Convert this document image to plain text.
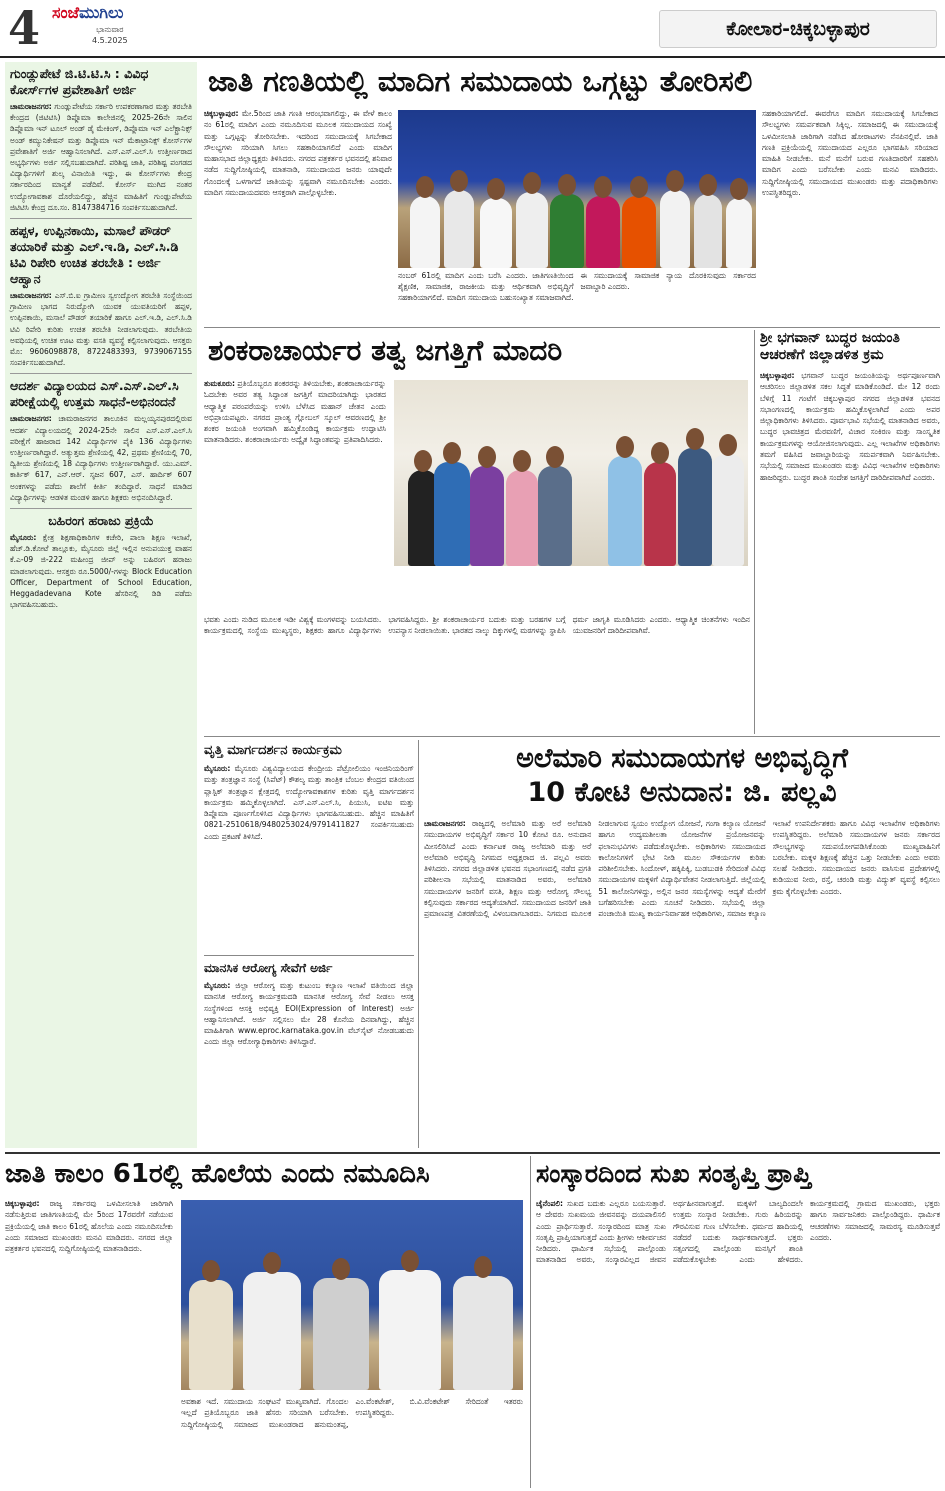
4 ಸಂಜೆಮುಗಿಲು
ಭಾನುವಾರ
4.5.2025
ಕೋಲಾರ-ಚಿಕ್ಕಬಳ್ಳಾಪುರ
ಗುಂಡ್ಲುಪೇಟೆ ಜಿ.ಟಿ.ಟಿ.ಸಿ : ವಿವಿಧ ಕೋರ್ಸ್‌ಗಳ ಪ್ರವೇಶಾತಿಗೆ ಅರ್ಜಿ
ಚಾಮರಾಜನಗರ: ಗುಂಡ್ಲುಪೇಟೆಯ ಸರ್ಕಾರಿ ಉಪಕರಣಾಗಾರ ಮತ್ತು ತರಬೇತಿ ಕೇಂದ್ರದ (ಜಿಟಿಟಿಸಿ) ಡಿಪ್ಲೊಮಾ ಕಾಲೇಜಿನಲ್ಲಿ 2025-26ನೇ ಸಾಲಿನ ಡಿಪ್ಲೊಮಾ ಇನ್ ಟೂಲ್ ಅಂಡ್ ಡೈ ಮೇಕಿಂಗ್, ಡಿಪ್ಲೊಮಾ ಇನ್ ಎಲೆಕ್ಟ್ರಾನಿಕ್ಸ್ ಅಂಡ್ ಕಮ್ಯುನಿಕೇಷನ್ ಮತ್ತು ಡಿಪ್ಲೊಮಾ ಇನ್ ಮೆಕಾಟ್ರಾನಿಕ್ಸ್ ಕೋರ್ಸ್‌ಗಳ ಪ್ರವೇಶಾತಿಗೆ ಅರ್ಜಿ ಆಹ್ವಾನಿಸಲಾಗಿದೆ. ಎಸ್.ಎಸ್.ಎಲ್.ಸಿ ಉತ್ತೀರ್ಣರಾದ ಅಭ್ಯರ್ಥಿಗಳು ಅರ್ಜಿ ಸಲ್ಲಿಸಬಹುದಾಗಿದೆ. ಪರಿಶಿಷ್ಟ ಜಾತಿ, ಪರಿಶಿಷ್ಟ ಪಂಗಡದ ವಿದ್ಯಾರ್ಥಿಗಳಿಗೆ ಶುಲ್ಕ ವಿನಾಯಿತಿ ಇದ್ದು, ಈ ಕೋರ್ಸ್‌ಗಳು ಕೇಂದ್ರ ಸರ್ಕಾರದಿಂದ ಮಾನ್ಯತೆ ಪಡೆದಿವೆ. ಕೋರ್ಸ್ ಮುಗಿದ ನಂತರ ಉದ್ಯೋಗಾವಕಾಶ ದೊರೆಯಲಿದ್ದು, ಹೆಚ್ಚಿನ ಮಾಹಿತಿಗೆ ಗುಂಡ್ಲುಪೇಟೆಯ ಜಿಟಿಟಿಸಿ ಕೇಂದ್ರ ದೂ.ಸಂ. 8147384716 ಸಂಪರ್ಕಿಸಬಹುದಾಗಿದೆ.
ಹಪ್ಪಳ, ಉಪ್ಪಿನಕಾಯಿ, ಮಸಾಲೆ ಪೌಡರ್ ತಯಾರಿಕೆ ಮತ್ತು ಎಲ್.ಇ.ಡಿ, ಎಲ್.ಸಿ.ಡಿ ಟಿವಿ ರಿಪೇರಿ ಉಚಿತ ತರಬೇತಿ : ಅರ್ಜಿ ಆಹ್ವಾನ
ಚಾಮರಾಜನಗರ: ಎಸ್.ಬಿ.ಐ ಗ್ರಾಮೀಣ ಸ್ವಉದ್ಯೋಗ ತರಬೇತಿ ಸಂಸ್ಥೆಯಿಂದ ಗ್ರಾಮೀಣ ಭಾಗದ ನಿರುದ್ಯೋಗಿ ಯುವಕ ಯುವತಿಯರಿಗೆ ಹಪ್ಪಳ, ಉಪ್ಪಿನಕಾಯಿ, ಮಸಾಲೆ ಪೌಡರ್ ತಯಾರಿಕೆ ಹಾಗೂ ಎಲ್.ಇ.ಡಿ, ಎಲ್.ಸಿ.ಡಿ ಟಿವಿ ರಿಪೇರಿ ಕುರಿತು ಉಚಿತ ತರಬೇತಿ ನೀಡಲಾಗುವುದು. ತರಬೇತಿಯ ಅವಧಿಯಲ್ಲಿ ಉಚಿತ ಊಟ ಮತ್ತು ವಸತಿ ವ್ಯವಸ್ಥೆ ಕಲ್ಪಿಸಲಾಗುವುದು. ಆಸಕ್ತರು ಮೊ: 9606098878, 8722483393, 9739067155 ಸಂಪರ್ಕಿಸಬಹುದಾಗಿದೆ.
ಆದರ್ಶ ವಿದ್ಯಾಲಯದ ಎಸ್.ಎಸ್.ಎಲ್.ಸಿ ಪರೀಕ್ಷೆಯಲ್ಲಿ ಉತ್ತಮ ಸಾಧನೆ-ಅಭಿನಂದನೆ
ಚಾಮರಾಜನಗರ: ಚಾಮರಾಜನಗರ ತಾಲೂಕಿನ ಮಲ್ಲಯ್ಯನಪುರದಲ್ಲಿರುವ ಆದರ್ಶ ವಿದ್ಯಾಲಯದಲ್ಲಿ 2024-25ನೇ ಸಾಲಿನ ಎಸ್.ಎಸ್.ಎಲ್.ಸಿ ಪರೀಕ್ಷೆಗೆ ಹಾಜರಾದ 142 ವಿದ್ಯಾರ್ಥಿಗಳ ಪೈಕಿ 136 ವಿದ್ಯಾರ್ಥಿಗಳು ಉತ್ತೀರ್ಣರಾಗಿದ್ದಾರೆ. ಅತ್ಯುತ್ತಮ ಶ್ರೇಣಿಯಲ್ಲಿ 42, ಪ್ರಥಮ ಶ್ರೇಣಿಯಲ್ಲಿ 70, ದ್ವಿತೀಯ ಶ್ರೇಣಿಯಲ್ಲಿ 18 ವಿದ್ಯಾರ್ಥಿಗಳು ಉತ್ತೀರ್ಣರಾಗಿದ್ದಾರೆ. ಯು.ಎಮ್. ಕಾರ್ತಿಕ್ 617, ಎನ್.ಆರ್. ಸೃಜನ 607, ಎಸ್. ಹಾರ್ದಿಕ್ 607 ಅಂಕಗಳನ್ನು ಪಡೆದು ಶಾಲೆಗೆ ಕೀರ್ತಿ ತಂದಿದ್ದಾರೆ. ಸಾಧನೆ ಮಾಡಿದ ವಿದ್ಯಾರ್ಥಿಗಳನ್ನು ಆಡಳಿತ ಮಂಡಳಿ ಹಾಗೂ ಶಿಕ್ಷಕರು ಅಭಿನಂದಿಸಿದ್ದಾರೆ.
ಬಹಿರಂಗ ಹರಾಜು ಪ್ರಕ್ರಿಯೆ
ಮೈಸೂರು: ಕ್ಷೇತ್ರ ಶಿಕ್ಷಣಾಧಿಕಾರಿಗಳ ಕಚೇರಿ, ಪಾಲಾ ಶಿಕ್ಷಣ ಇಲಾಖೆ, ಹೆಚ್.ಡಿ.ಕೋಟೆ ತಾಲ್ಲೂಕು, ಮೈಸೂರು ಜಿಲ್ಲೆ ಇಲ್ಲಿನ ಅನುಪಯುಕ್ತ ವಾಹನ ಕೆ.ಎ-09 ಜಿ-222 ಮಹೀಂದ್ರ ಜೀಪ್ ಅನ್ನು ಬಹಿರಂಗ ಹರಾಜು ಮಾಡಲಾಗುವುದು. ಆಸಕ್ತರು ರೂ.5000/-ಗಳನ್ನು Block Education Officer, Department of School Education, Heggadadevana Kote ಹೆಸರಿನಲ್ಲಿ ಡಿಡಿ ಪಡೆದು ಭಾಗವಹಿಸಬಹುದು.
ಜಾತಿ ಗಣತಿಯಲ್ಲಿ ಮಾದಿಗ ಸಮುದಾಯ ಒಗ್ಗಟ್ಟು ತೋರಿಸಲಿ
ಚಿಕ್ಕಬಳ್ಳಾಪುರ: ಮೇ.5ರಿಂದ ಜಾತಿ ಗಣತಿ ಆರಂಭವಾಗಲಿದ್ದು, ಈ ವೇಳೆ ಕಾಲಂ ನಂ 61ರಲ್ಲಿ ಮಾದಿಗ ಎಂದು ನಮೂದಿಸುವ ಮೂಲಕ ಸಮುದಾಯದ ಸಂಖ್ಯೆ ಮತ್ತು ಒಗ್ಗಟ್ಟನ್ನು ತೋರಿಸಬೇಕು. ಇದರಿಂದ ಸಮುದಾಯಕ್ಕೆ ಸಿಗಬೇಕಾದ ಸೌಲಭ್ಯಗಳು ಸರಿಯಾಗಿ ಸಿಗಲು ಸಹಕಾರಿಯಾಗಲಿದೆ ಎಂದು ಮಾದಿಗ ಮಹಾಸಭಾದ ಜಿಲ್ಲಾಧ್ಯಕ್ಷರು ತಿಳಿಸಿದರು. ನಗರದ ಪತ್ರಕರ್ತರ ಭವನದಲ್ಲಿ ಶನಿವಾರ ನಡೆದ ಸುದ್ದಿಗೋಷ್ಠಿಯಲ್ಲಿ ಮಾತನಾಡಿ, ಸಮುದಾಯದ ಜನರು ಯಾವುದೇ ಗೊಂದಲಕ್ಕೆ ಒಳಗಾಗದೆ ಜಾತಿಯನ್ನು ಸ್ಪಷ್ಟವಾಗಿ ನಮೂದಿಸಬೇಕು ಎಂದರು. ಮಾದಿಗ ಸಮುದಾಯದವರು ಆಸಕ್ತರಾಗಿ ಪಾಲ್ಗೊಳ್ಳಬೇಕು.
ನಂಬರ್ 61ರಲ್ಲಿ ಮಾದಿಗ ಎಂದು ಬರೆಸಿ ಎಂದರು. ಜಾತಿಗಣತಿಯಿಂದ ಶೈಕ್ಷಣಿಕ, ಸಾಮಾಜಿಕ, ರಾಜಕೀಯ ಮತ್ತು ಆರ್ಥಿಕವಾಗಿ ಅಭಿವೃದ್ಧಿಗೆ ಸಹಕಾರಿಯಾಗಲಿದೆ. ಮಾದಿಗ ಸಮುದಾಯ ಬಹುಸಂಖ್ಯಾತ ಸಮಾಜವಾಗಿದೆ. ಈ ಸಮುದಾಯಕ್ಕೆ ಸಾಮಾಜಿಕ ನ್ಯಾಯ ದೊರಕಿಸುವುದು ಸರ್ಕಾರದ ಜವಾಬ್ದಾರಿ ಎಂದರು.
ಸಹಕಾರಿಯಾಗಲಿದೆ. ಈವರೆಗೂ ಮಾದಿಗ ಸಮುದಾಯಕ್ಕೆ ಸಿಗಬೇಕಾದ ಸೌಲಭ್ಯಗಳು ಸಮರ್ಪಕವಾಗಿ ಸಿಕ್ಕಿಲ್ಲ. ಸಮಾಜದಲ್ಲಿ ಈ ಸಮುದಾಯಕ್ಕೆ ಒಳಮೀಸಲಾತಿ ಜಾರಿಗಾಗಿ ನಡೆಸಿದ ಹೋರಾಟಗಳು ನೆನಪಿನಲ್ಲಿವೆ. ಜಾತಿ ಗಣತಿ ಪ್ರಕ್ರಿಯೆಯಲ್ಲಿ ಸಮುದಾಯದ ಎಲ್ಲರೂ ಭಾಗವಹಿಸಿ ಸರಿಯಾದ ಮಾಹಿತಿ ನೀಡಬೇಕು. ಮನೆ ಮನೆಗೆ ಬರುವ ಗಣತಿದಾರರಿಗೆ ಸಹಕರಿಸಿ ಮಾದಿಗ ಎಂದು ಬರೆಸಬೇಕು ಎಂದು ಮನವಿ ಮಾಡಿದರು. ಸುದ್ದಿಗೋಷ್ಠಿಯಲ್ಲಿ ಸಮುದಾಯದ ಮುಖಂಡರು ಮತ್ತು ಪದಾಧಿಕಾರಿಗಳು ಉಪಸ್ಥಿತರಿದ್ದರು.
ಶಂಕರಾಚಾರ್ಯರ ತತ್ವ ಜಗತ್ತಿಗೆ ಮಾದರಿ
ತುಮಕೂರು: ಪ್ರತಿಯೊಬ್ಬರೂ ಶಂಕರರನ್ನು ತಿಳಿಯಬೇಕು, ಶಂಕರಾಚಾರ್ಯರನ್ನು ಓದಬೇಕು ಅವರ ತತ್ವ ಸಿದ್ಧಾಂತ ಜಗತ್ತಿಗೆ ಮಾದರಿಯಾಗಿದ್ದು ಭಾರತದ ಆಧ್ಯಾತ್ಮಿಕ ಪರಂಪರೆಯನ್ನು ಉಳಿಸಿ ಬೆಳೆಸಿದ ಮಹಾನ್ ಚೇತನ ಎಂದು ಅಭಿಪ್ರಾಯಪಟ್ಟರು. ನಗರದ ಪ್ರಾಂತ್ಯ ಗ್ಲೋಬಲ್ ಸ್ಕೂಲ್ ಆವರಣದಲ್ಲಿ ಶ್ರೀ ಶಂಕರ ಜಯಂತಿ ಅಂಗವಾಗಿ ಹಮ್ಮಿಕೊಂಡಿದ್ದ ಕಾರ್ಯಕ್ರಮ ಉದ್ಘಾಟಿಸಿ ಮಾತನಾಡಿದರು. ಶಂಕರಾಚಾರ್ಯರು ಅದ್ವೈತ ಸಿದ್ಧಾಂತವನ್ನು ಪ್ರತಿಪಾದಿಸಿದರು.
ಭವತು ಎಂದು ನುಡಿದ ಮೂಲಕ ಇಡೀ ವಿಶ್ವಕ್ಕೆ ಮಂಗಳವನ್ನು ಬಯಸಿದರು. ಕಾರ್ಯಕ್ರಮದಲ್ಲಿ ಸಂಸ್ಥೆಯ ಮುಖ್ಯಸ್ಥರು, ಶಿಕ್ಷಕರು ಹಾಗೂ ವಿದ್ಯಾರ್ಥಿಗಳು ಭಾಗವಹಿಸಿದ್ದರು. ಶ್ರೀ ಶಂಕರಾಚಾರ್ಯರ ಬದುಕು ಮತ್ತು ಬರಹಗಳ ಬಗ್ಗೆ ಉಪನ್ಯಾಸ ನೀಡಲಾಯಿತು. ಭಾರತದ ನಾಲ್ಕು ದಿಕ್ಕುಗಳಲ್ಲಿ ಮಠಗಳನ್ನು ಸ್ಥಾಪಿಸಿ ಧರ್ಮ ಜಾಗೃತಿ ಮೂಡಿಸಿದರು ಎಂದರು. ಆಧ್ಯಾತ್ಮಿಕ ಚಿಂತನೆಗಳು ಇಂದಿನ ಯುವಜನರಿಗೆ ದಾರಿದೀಪವಾಗಿವೆ.
ಶ್ರೀ ಭಗವಾನ್ ಬುದ್ಧರ ಜಯಂತಿ ಆಚರಣೆಗೆ ಜಿಲ್ಲಾಡಳಿತ ಕ್ರಮ
ಚಿಕ್ಕಬಳ್ಳಾಪುರ: ಭಗವಾನ್ ಬುದ್ಧರ ಜಯಂತಿಯನ್ನು ಅರ್ಥಪೂರ್ಣವಾಗಿ ಆಚರಿಸಲು ಜಿಲ್ಲಾಡಳಿತ ಸಕಲ ಸಿದ್ಧತೆ ಮಾಡಿಕೊಂಡಿದೆ. ಮೇ 12 ರಂದು ಬೆಳಿಗ್ಗೆ 11 ಗಂಟೆಗೆ ಚಿಕ್ಕಬಳ್ಳಾಪುರ ನಗರದ ಜಿಲ್ಲಾಡಳಿತ ಭವನದ ಸಭಾಂಗಣದಲ್ಲಿ ಕಾರ್ಯಕ್ರಮ ಹಮ್ಮಿಕೊಳ್ಳಲಾಗಿದೆ ಎಂದು ಅಪರ ಜಿಲ್ಲಾಧಿಕಾರಿಗಳು ತಿಳಿಸಿದರು. ಪೂರ್ವಭಾವಿ ಸಭೆಯಲ್ಲಿ ಮಾತನಾಡಿದ ಅವರು, ಬುದ್ಧರ ಭಾವಚಿತ್ರದ ಮೆರವಣಿಗೆ, ವಿಚಾರ ಸಂಕಿರಣ ಮತ್ತು ಸಾಂಸ್ಕೃತಿಕ ಕಾರ್ಯಕ್ರಮಗಳನ್ನು ಆಯೋಜಿಸಲಾಗುವುದು. ಎಲ್ಲ ಇಲಾಖೆಗಳ ಅಧಿಕಾರಿಗಳು ತಮಗೆ ವಹಿಸಿದ ಜವಾಬ್ದಾರಿಯನ್ನು ಸಮರ್ಪಕವಾಗಿ ನಿರ್ವಹಿಸಬೇಕು. ಸಭೆಯಲ್ಲಿ ಸಮಾಜದ ಮುಖಂಡರು ಮತ್ತು ವಿವಿಧ ಇಲಾಖೆಗಳ ಅಧಿಕಾರಿಗಳು ಹಾಜರಿದ್ದರು. ಬುದ್ಧರ ಶಾಂತಿ ಸಂದೇಶ ಜಗತ್ತಿಗೆ ದಾರಿದೀಪವಾಗಿದೆ ಎಂದರು.
ವೃತ್ತಿ ಮಾರ್ಗದರ್ಶನ ಕಾರ್ಯಕ್ರಮ
ಮೈಸೂರು: ಮೈಸೂರು ವಿಶ್ವವಿದ್ಯಾಲಯದ ಕೇಂದ್ರೀಯ ಪೆಟ್ರೋಲಿಯಂ ಇಂಜಿನಿಯರಿಂಗ್ ಮತ್ತು ತಂತ್ರಜ್ಞಾನ ಸಂಸ್ಥೆ (ಸಿಪೆಟ್) ಕೌಶಲ್ಯ ಮತ್ತು ತಾಂತ್ರಿಕ ಬೆಂಬಲ ಕೇಂದ್ರದ ವತಿಯಿಂದ ಪ್ಲಾಸ್ಟಿಕ್ ತಂತ್ರಜ್ಞಾನ ಕ್ಷೇತ್ರದಲ್ಲಿ ಉದ್ಯೋಗಾವಕಾಶಗಳ ಕುರಿತು ವೃತ್ತಿ ಮಾರ್ಗದರ್ಶನ ಕಾರ್ಯಕ್ರಮ ಹಮ್ಮಿಕೊಳ್ಳಲಾಗಿದೆ. ಎಸ್.ಎಸ್.ಎಲ್.ಸಿ, ಪಿಯುಸಿ, ಐಟಿಐ ಮತ್ತು ಡಿಪ್ಲೊಮಾ ಪೂರ್ಣಗೊಳಿಸಿದ ವಿದ್ಯಾರ್ಥಿಗಳು ಭಾಗವಹಿಸಬಹುದು. ಹೆಚ್ಚಿನ ಮಾಹಿತಿಗೆ 0821-2510618/9480253024/9791411827 ಸಂಪರ್ಕಿಸಬಹುದು ಎಂದು ಪ್ರಕಟಣೆ ತಿಳಿಸಿದೆ.
ಮಾನಸಿಕ ಆರೋಗ್ಯ ಸೇವೆಗೆ ಅರ್ಜಿ
ಮೈಸೂರು: ಜಿಲ್ಲಾ ಆರೋಗ್ಯ ಮತ್ತು ಕುಟುಂಬ ಕಲ್ಯಾಣ ಇಲಾಖೆ ವತಿಯಿಂದ ಜಿಲ್ಲಾ ಮಾನಸಿಕ ಆರೋಗ್ಯ ಕಾರ್ಯಕ್ರಮದಡಿ ಮಾನಸಿಕ ಆರೋಗ್ಯ ಸೇವೆ ನೀಡಲು ಆಸಕ್ತ ಸಂಸ್ಥೆಗಳಿಂದ ಆಸಕ್ತಿ ಅಭಿವ್ಯಕ್ತಿ EOI(Expression of Interest) ಅರ್ಜಿ ಆಹ್ವಾನಿಸಲಾಗಿದೆ. ಅರ್ಜಿ ಸಲ್ಲಿಸಲು ಮೇ 28 ಕೊನೆಯ ದಿನವಾಗಿದ್ದು, ಹೆಚ್ಚಿನ ಮಾಹಿತಿಗಾಗಿ www.eproc.karnataka.gov.in ವೆಬ್‌ಸೈಟ್ ನೋಡಬಹುದು ಎಂದು ಜಿಲ್ಲಾ ಆರೋಗ್ಯಾಧಿಕಾರಿಗಳು ತಿಳಿಸಿದ್ದಾರೆ.
ಅಲೆಮಾರಿ ಸಮುದಾಯಗಳ ಅಭಿವೃದ್ಧಿಗೆ
10 ಕೋಟಿ ಅನುದಾನ: ಜಿ. ಪಲ್ಲವಿ
ಚಾಮರಾಜನಗರ: ರಾಜ್ಯದಲ್ಲಿ ಅಲೆಮಾರಿ ಮತ್ತು ಅರೆ ಅಲೆಮಾರಿ ಸಮುದಾಯಗಳ ಅಭಿವೃದ್ಧಿಗೆ ಸರ್ಕಾರ 10 ಕೋಟಿ ರೂ. ಅನುದಾನ ಮೀಸಲಿರಿಸಿದೆ ಎಂದು ಕರ್ನಾಟಕ ರಾಜ್ಯ ಅಲೆಮಾರಿ ಮತ್ತು ಅರೆ ಅಲೆಮಾರಿ ಅಭಿವೃದ್ಧಿ ನಿಗಮದ ಅಧ್ಯಕ್ಷರಾದ ಜಿ. ಪಲ್ಲವಿ ಅವರು ತಿಳಿಸಿದರು. ನಗರದ ಜಿಲ್ಲಾಡಳಿತ ಭವನದ ಸಭಾಂಗಣದಲ್ಲಿ ನಡೆದ ಪ್ರಗತಿ ಪರಿಶೀಲನಾ ಸಭೆಯಲ್ಲಿ ಮಾತನಾಡಿದ ಅವರು, ಅಲೆಮಾರಿ ಸಮುದಾಯಗಳ ಜನರಿಗೆ ವಸತಿ, ಶಿಕ್ಷಣ ಮತ್ತು ಆರೋಗ್ಯ ಸೌಲಭ್ಯ ಕಲ್ಪಿಸುವುದು ಸರ್ಕಾರದ ಆದ್ಯತೆಯಾಗಿದೆ. ಸಮುದಾಯದ ಜನರಿಗೆ ಜಾತಿ ಪ್ರಮಾಣಪತ್ರ ವಿತರಣೆಯಲ್ಲಿ ವಿಳಂಬವಾಗಬಾರದು. ನಿಗಮದ ಮೂಲಕ ನೀಡಲಾಗುವ ಸ್ವಯಂ ಉದ್ಯೋಗ ಯೋಜನೆ, ಗಂಗಾ ಕಲ್ಯಾಣ ಯೋಜನೆ ಹಾಗೂ ಉದ್ಯಮಶೀಲತಾ ಯೋಜನೆಗಳ ಪ್ರಯೋಜನವನ್ನು ಫಲಾನುಭವಿಗಳು ಪಡೆದುಕೊಳ್ಳಬೇಕು. ಅಧಿಕಾರಿಗಳು ಸಮುದಾಯದ ಕಾಲೋನಿಗಳಿಗೆ ಭೇಟಿ ನೀಡಿ ಮೂಲ ಸೌಕರ್ಯಗಳ ಕುರಿತು ಪರಿಶೀಲಿಸಬೇಕು. ಸಿಂದೋಳ್, ಹಕ್ಕಿಪಿಕ್ಕಿ, ಬುಡಬುಡಕಿ ಸೇರಿದಂತೆ ವಿವಿಧ ಸಮುದಾಯಗಳ ಮಕ್ಕಳಿಗೆ ವಿದ್ಯಾರ್ಥಿವೇತನ ನೀಡಲಾಗುತ್ತಿದೆ. ಜಿಲ್ಲೆಯಲ್ಲಿ 51 ಕಾಲೋನಿಗಳಿದ್ದು, ಅಲ್ಲಿನ ಜನರ ಸಮಸ್ಯೆಗಳನ್ನು ಆದ್ಯತೆ ಮೇರೆಗೆ ಬಗೆಹರಿಸಬೇಕು ಎಂದು ಸೂಚನೆ ನೀಡಿದರು. ಸಭೆಯಲ್ಲಿ ಜಿಲ್ಲಾ ಪಂಚಾಯಿತಿ ಮುಖ್ಯ ಕಾರ್ಯನಿರ್ವಾಹಕ ಅಧಿಕಾರಿಗಳು, ಸಮಾಜ ಕಲ್ಯಾಣ ಇಲಾಖೆ ಉಪನಿರ್ದೇಶಕರು ಹಾಗೂ ವಿವಿಧ ಇಲಾಖೆಗಳ ಅಧಿಕಾರಿಗಳು ಉಪಸ್ಥಿತರಿದ್ದರು. ಅಲೆಮಾರಿ ಸಮುದಾಯಗಳ ಜನರು ಸರ್ಕಾರದ ಸೌಲಭ್ಯಗಳನ್ನು ಸದುಪಯೋಗಪಡಿಸಿಕೊಂಡು ಮುಖ್ಯವಾಹಿನಿಗೆ ಬರಬೇಕು. ಮಕ್ಕಳ ಶಿಕ್ಷಣಕ್ಕೆ ಹೆಚ್ಚಿನ ಒತ್ತು ನೀಡಬೇಕು ಎಂದು ಅವರು ಸಲಹೆ ನೀಡಿದರು. ಸಮುದಾಯದ ಜನರು ವಾಸಿಸುವ ಪ್ರದೇಶಗಳಲ್ಲಿ ಕುಡಿಯುವ ನೀರು, ರಸ್ತೆ, ಚರಂಡಿ ಮತ್ತು ವಿದ್ಯುತ್ ವ್ಯವಸ್ಥೆ ಕಲ್ಪಿಸಲು ಕ್ರಮ ಕೈಗೊಳ್ಳಬೇಕು ಎಂದರು.
ಜಾತಿ ಕಾಲಂ 61ರಲ್ಲಿ ಹೊಲೆಯ ಎಂದು ನಮೂದಿಸಿ
ಚಿಕ್ಕಬಳ್ಳಾಪುರ: ರಾಜ್ಯ ಸರ್ಕಾರವು ಒಳಮೀಸಲಾತಿ ಜಾರಿಗಾಗಿ ನಡೆಸುತ್ತಿರುವ ಜಾತಿಗಣತಿಯಲ್ಲಿ ಮೇ 5ರಿಂದ 17ರವರೆಗೆ ನಡೆಯುವ ಪ್ರಕ್ರಿಯೆಯಲ್ಲಿ ಜಾತಿ ಕಾಲಂ 61ರಲ್ಲಿ ಹೊಲೆಯ ಎಂದು ನಮೂದಿಸಬೇಕು ಎಂದು ಸಮಾಜದ ಮುಖಂಡರು ಮನವಿ ಮಾಡಿದರು. ನಗರದ ಜಿಲ್ಲಾ ಪತ್ರಕರ್ತರ ಭವನದಲ್ಲಿ ಸುದ್ದಿಗೋಷ್ಠಿಯಲ್ಲಿ ಮಾತನಾಡಿದರು.
ಅವಕಾಶ ಇದೆ. ಸಮುದಾಯ ಸಂಘಟನೆ ಮುಖ್ಯವಾಗಿದೆ. ಗೊಂದಲ ಇಲ್ಲದೆ ಪ್ರತಿಯೊಬ್ಬರೂ ಜಾತಿ ಹೆಸರು ಸರಿಯಾಗಿ ಬರೆಸಬೇಕು. ಸುದ್ದಿಗೋಷ್ಠಿಯಲ್ಲಿ ಸಮಾಜದ ಮುಖಂಡರಾದ ಹನುಮಂತಪ್ಪ, ಎಂ.ವೆಂಕಟೇಶ್, ಬಿ.ವಿ.ವೆಂಕಟೇಶ್ ಸೇರಿದಂತೆ ಇತರರು ಉಪಸ್ಥಿತರಿದ್ದರು.
ಸಂಸ್ಕಾರದಿಂದ ಸುಖ ಸಂತೃಪ್ತಿ ಪ್ರಾಪ್ತಿ
ಚೈನೆಂಪಲಿ: ಸುಖದ ಬದುಕು ಎಲ್ಲರೂ ಬಯಸುತ್ತಾರೆ. ಆ ದೇವರು ಸುಖಮಯ ಜೀವನವನ್ನು ದಯಪಾಲಿಸಲಿ ಎಂದು ಪ್ರಾರ್ಥಿಸುತ್ತಾರೆ. ಸಂಸ್ಕಾರದಿಂದ ಮಾತ್ರ ಸುಖ ಸಂತೃಪ್ತಿ ಪ್ರಾಪ್ತಿಯಾಗುತ್ತದೆ ಎಂದು ಶ್ರೀಗಳು ಆಶೀರ್ವಚನ ನೀಡಿದರು. ಧಾರ್ಮಿಕ ಸಭೆಯಲ್ಲಿ ಪಾಲ್ಗೊಂಡು ಮಾತನಾಡಿದ ಅವರು, ಸಂಸ್ಕಾರವಿಲ್ಲದ ಜೀವನ ಅರ್ಥಹೀನವಾಗುತ್ತದೆ. ಮಕ್ಕಳಿಗೆ ಬಾಲ್ಯದಿಂದಲೇ ಉತ್ತಮ ಸಂಸ್ಕಾರ ನೀಡಬೇಕು. ಗುರು ಹಿರಿಯರನ್ನು ಗೌರವಿಸುವ ಗುಣ ಬೆಳೆಸಬೇಕು. ಧರ್ಮದ ಹಾದಿಯಲ್ಲಿ ನಡೆದರೆ ಬದುಕು ಸಾರ್ಥಕವಾಗುತ್ತದೆ. ಭಕ್ತರು ಸತ್ಸಂಗದಲ್ಲಿ ಪಾಲ್ಗೊಂಡು ಮನಸ್ಸಿಗೆ ಶಾಂತಿ ಪಡೆದುಕೊಳ್ಳಬೇಕು ಎಂದು ಹೇಳಿದರು. ಕಾರ್ಯಕ್ರಮದಲ್ಲಿ ಗ್ರಾಮದ ಮುಖಂಡರು, ಭಕ್ತರು ಹಾಗೂ ಸಾರ್ವಜನಿಕರು ಪಾಲ್ಗೊಂಡಿದ್ದರು. ಧಾರ್ಮಿಕ ಆಚರಣೆಗಳು ಸಮಾಜದಲ್ಲಿ ಸಾಮರಸ್ಯ ಮೂಡಿಸುತ್ತವೆ ಎಂದರು.
